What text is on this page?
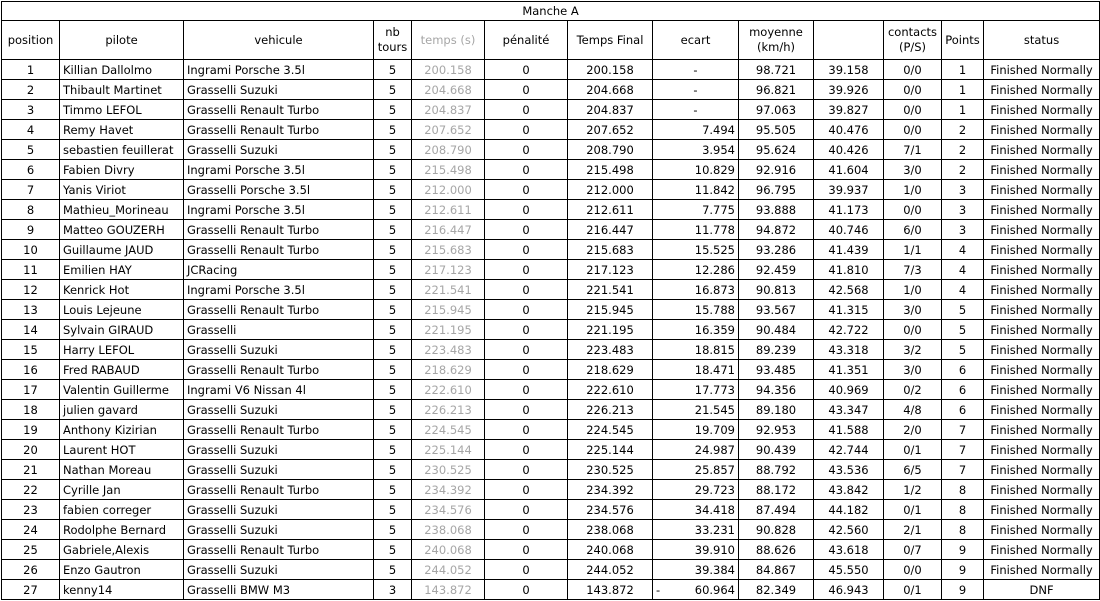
Manche A												
position	pilote	vehicule	nb tours	temps (s)	pénalité	Temps Final	ecart	moyenne (km/h)		contacts (P/S)	Points	status
1	Killian Dallolmo	Ingrami Porsche 3.5l	5	200.158	0	200.158	-	98.721	39.158	0/0	1	Finished Normally
2	Thibault Martinet	Grasselli Suzuki	5	204.668	0	204.668	-	96.821	39.926	0/0	1	Finished Normally
3	Timmo LEFOL	Grasselli Renault Turbo	5	204.837	0	204.837	-	97.063	39.827	0/0	1	Finished Normally
4	Remy Havet	Grasselli Renault Turbo	5	207.652	0	207.652	7.494	95.505	40.476	0/0	2	Finished Normally
5	sebastien feuillerat	Grasselli Suzuki	5	208.790	0	208.790	3.954	95.624	40.426	7/1	2	Finished Normally
6	Fabien Divry	Ingrami Porsche 3.5l	5	215.498	0	215.498	10.829	92.916	41.604	3/0	2	Finished Normally
7	Yanis Viriot	Grasselli Porsche 3.5l	5	212.000	0	212.000	11.842	96.795	39.937	1/0	3	Finished Normally
8	Mathieu_Morineau	Ingrami Porsche 3.5l	5	212.611	0	212.611	7.775	93.888	41.173	0/0	3	Finished Normally
9	Matteo GOUZERH	Grasselli Renault Turbo	5	216.447	0	216.447	11.778	94.872	40.746	6/0	3	Finished Normally
10	Guillaume JAUD	Grasselli Renault Turbo	5	215.683	0	215.683	15.525	93.286	41.439	1/1	4	Finished Normally
11	Emilien HAY	JCRacing	5	217.123	0	217.123	12.286	92.459	41.810	7/3	4	Finished Normally
12	Kenrick Hot	Ingrami Porsche 3.5l	5	221.541	0	221.541	16.873	90.813	42.568	1/0	4	Finished Normally
13	Louis Lejeune	Grasselli Renault Turbo	5	215.945	0	215.945	15.788	93.567	41.315	3/0	5	Finished Normally
14	Sylvain GIRAUD	Grasselli	5	221.195	0	221.195	16.359	90.484	42.722	0/0	5	Finished Normally
15	Harry LEFOL	Grasselli Suzuki	5	223.483	0	223.483	18.815	89.239	43.318	3/2	5	Finished Normally
16	Fred RABAUD	Grasselli Renault Turbo	5	218.629	0	218.629	18.471	93.485	41.351	3/0	6	Finished Normally
17	Valentin Guillerme	Ingrami V6 Nissan 4l	5	222.610	0	222.610	17.773	94.356	40.969	0/2	6	Finished Normally
18	julien gavard	Grasselli Suzuki	5	226.213	0	226.213	21.545	89.180	43.347	4/8	6	Finished Normally
19	Anthony Kizirian	Grasselli Renault Turbo	5	224.545	0	224.545	19.709	92.953	41.588	2/0	7	Finished Normally
20	Laurent HOT	Grasselli Suzuki	5	225.144	0	225.144	24.987	90.439	42.744	0/1	7	Finished Normally
21	Nathan Moreau	Grasselli Suzuki	5	230.525	0	230.525	25.857	88.792	43.536	6/5	7	Finished Normally
22	Cyrille Jan	Grasselli Renault Turbo	5	234.392	0	234.392	29.723	88.172	43.842	1/2	8	Finished Normally
23	fabien correger	Grasselli Suzuki	5	234.576	0	234.576	34.418	87.494	44.182	0/1	8	Finished Normally
24	Rodolphe Bernard	Grasselli Suzuki	5	238.068	0	238.068	33.231	90.828	42.560	2/1	8	Finished Normally
25	Gabriele,Alexis	Grasselli Renault Turbo	5	240.068	0	240.068	39.910	88.626	43.618	0/7	9	Finished Normally
26	Enzo Gautron	Grasselli Suzuki	5	244.052	0	244.052	39.384	84.867	45.550	0/0	9	Finished Normally
27	kenny14	Grasselli BMW M3	3	143.872	0	143.872	- 60.964	82.349	46.943	0/1	9	DNF
